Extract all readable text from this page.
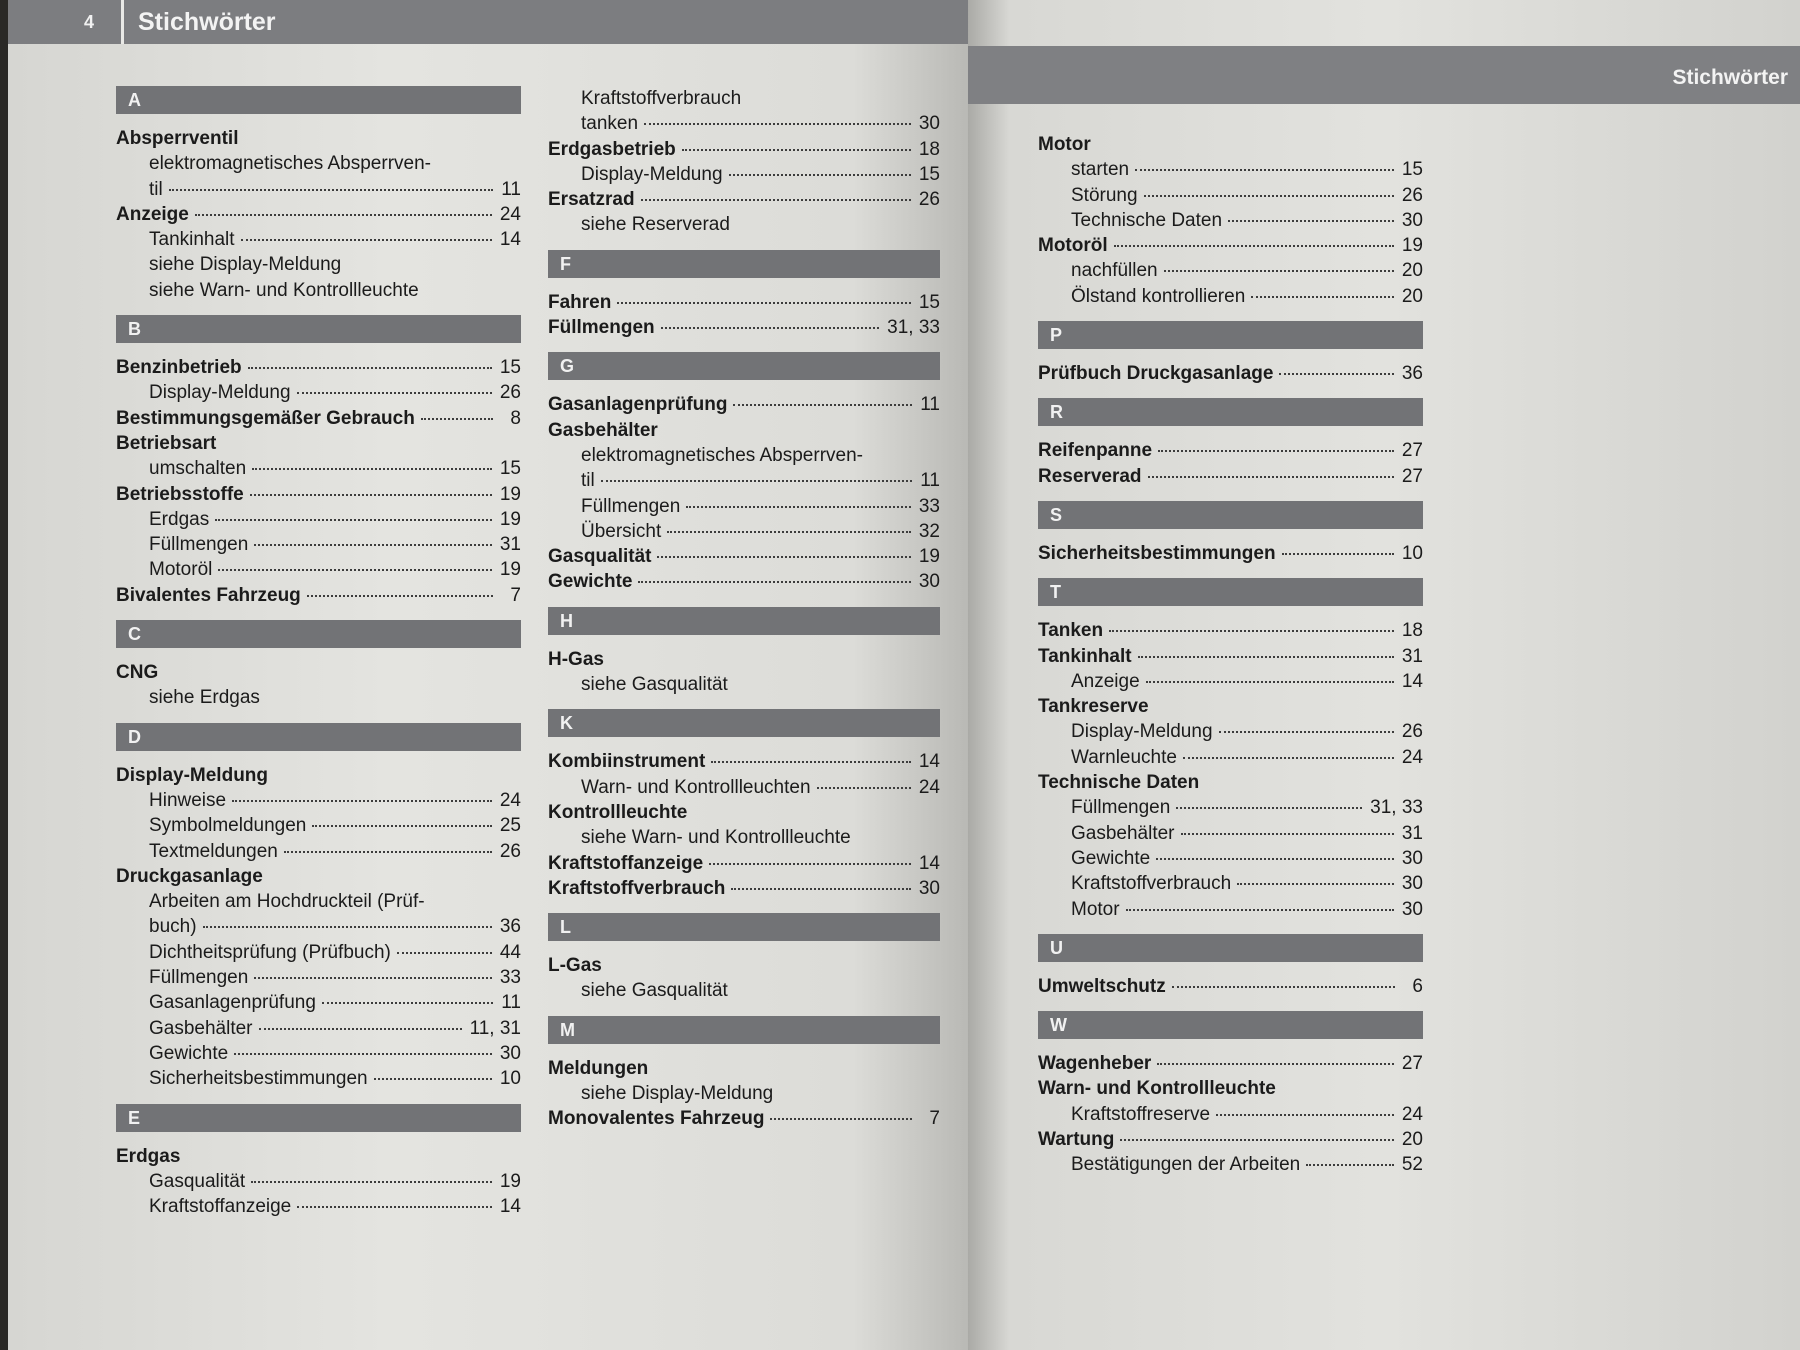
4 Stichwörter
A
Absperrventil
elektromagnetisches Absperrven-
til	11
Anzeige	24
Tankinhalt	14
siehe Display-Meldung
siehe Warn- und Kontrollleuchte
B
Benzinbetrieb	15
Display-Meldung	26
Bestimmungsgemäßer Gebrauch	8
Betriebsart
umschalten	15
Betriebsstoffe	19
Erdgas	19
Füllmengen	31
Motoröl	19
Bivalentes Fahrzeug	7
C
CNG
siehe Erdgas
D
Display-Meldung
Hinweise	24
Symbolmeldungen	25
Textmeldungen	26
Druckgasanlage
Arbeiten am Hochdruckteil (Prüf-
buch)	36
Dichtheitsprüfung (Prüfbuch)	44
Füllmengen	33
Gasanlagenprüfung	11
Gasbehälter	11, 31
Gewichte	30
Sicherheitsbestimmungen	10
E
Erdgas
Gasqualität	19
Kraftstoffanzeige	14
Kraftstoffverbrauch
tanken	30
Erdgasbetrieb	18
Display-Meldung	15
Ersatzrad	26
siehe Reserverad
F
Fahren	15
Füllmengen	31, 33
G
Gasanlagenprüfung	11
Gasbehälter
elektromagnetisches Absperrven-
til	11
Füllmengen	33
Übersicht	32
Gasqualität	19
Gewichte	30
H
H-Gas
siehe Gasqualität
K
Kombiinstrument	14
Warn- und Kontrollleuchten	24
Kontrollleuchte
siehe Warn- und Kontrollleuchte
Kraftstoffanzeige	14
Kraftstoffverbrauch	30
L
L-Gas
siehe Gasqualität
M
Meldungen
siehe Display-Meldung
Monovalentes Fahrzeug	7
Stichwörter
Motor
starten	15
Störung	26
Technische Daten	30
Motoröl	19
nachfüllen	20
Ölstand kontrollieren	20
P
Prüfbuch Druckgasanlage	36
R
Reifenpanne	27
Reserverad	27
S
Sicherheitsbestimmungen	10
T
Tanken	18
Tankinhalt	31
Anzeige	14
Tankreserve
Display-Meldung	26
Warnleuchte	24
Technische Daten
Füllmengen	31, 33
Gasbehälter	31
Gewichte	30
Kraftstoffverbrauch	30
Motor	30
U
Umweltschutz	6
W
Wagenheber	27
Warn- und Kontrollleuchte
Kraftstoffreserve	24
Wartung	20
Bestätigungen der Arbeiten	52
